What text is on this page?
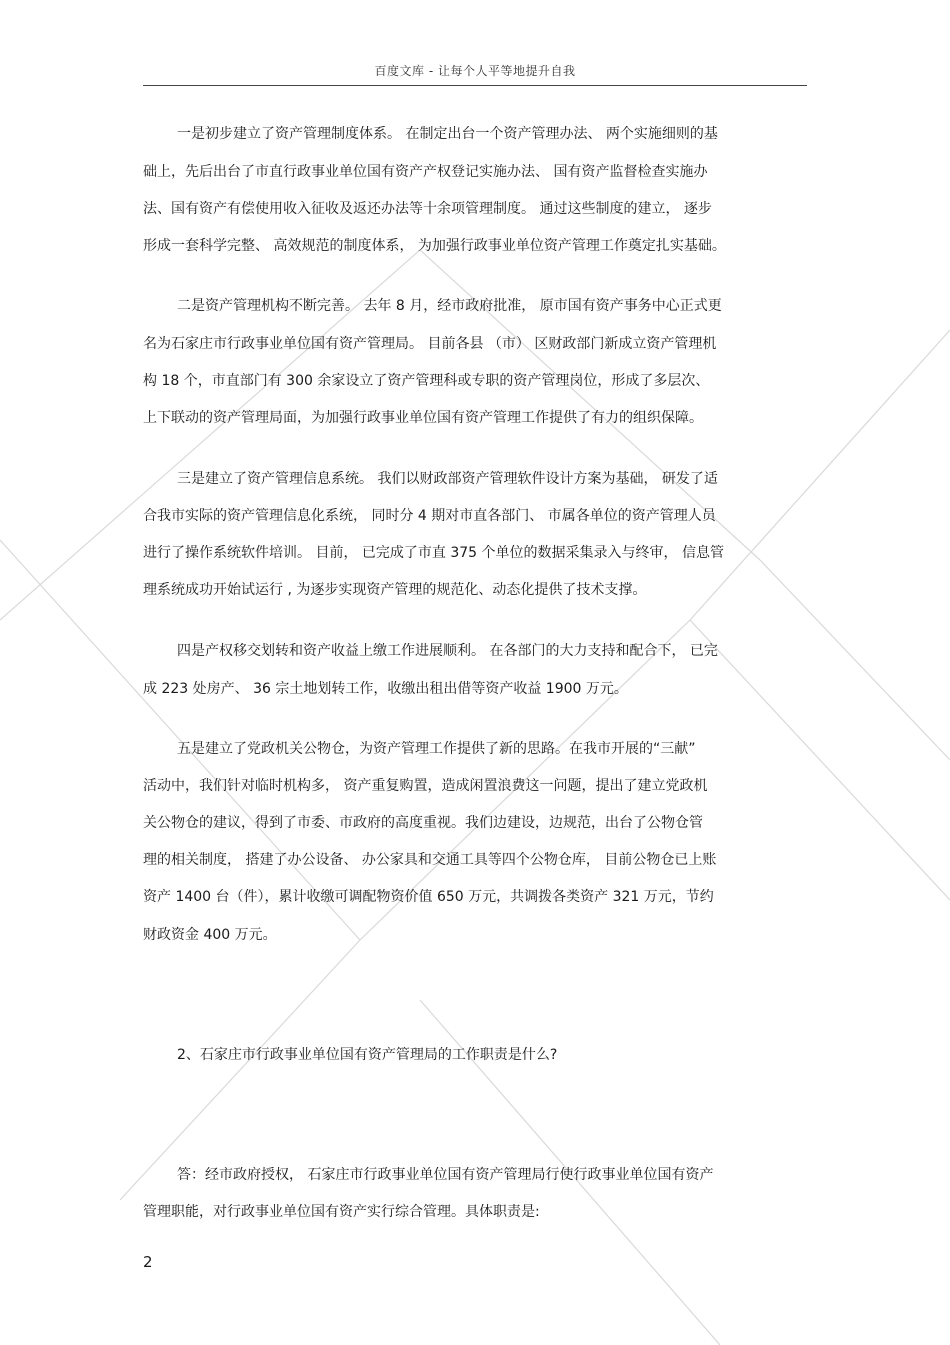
百度文库 - 让每个人平等地提升自我
一是初步建立了资产管理制度体系。 在制定出台一个资产管理办法、 两个实施细则的基
础上，先后出台了市直行政事业单位国有资产产权登记实施办法、 国有资产监督检查实施办
法、国有资产有偿使用收入征收及返还办法等十余项管理制度。 通过这些制度的建立， 逐步
形成一套科学完整、 高效规范的制度体系， 为加强行政事业单位资产管理工作奠定扎实基础。
二是资产管理机构不断完善。 去年 8 月，经市政府批准， 原市国有资产事务中心正式更
名为石家庄市行政事业单位国有资产管理局。 目前各县 （市） 区财政部门新成立资产管理机
构 18 个，市直部门有 300 余家设立了资产管理科或专职的资产管理岗位，形成了多层次、
上下联动的资产管理局面，为加强行政事业单位国有资产管理工作提供了有力的组织保障。
三是建立了资产管理信息系统。 我们以财政部资产管理软件设计方案为基础， 研发了适
合我市实际的资产管理信息化系统， 同时分 4 期对市直各部门、 市属各单位的资产管理人员
进行了操作系统软件培训。 目前， 已完成了市直 375 个单位的数据采集录入与终审， 信息管
理系统成功开始试运行 , 为逐步实现资产管理的规范化、动态化提供了技术支撑。
四是产权移交划转和资产收益上缴工作进展顺利。 在各部门的大力支持和配合下， 已完
成 223 处房产、 36 宗土地划转工作，收缴出租出借等资产收益 1900 万元。
五是建立了党政机关公物仓，为资产管理工作提供了新的思路。在我市开展的“三献”
活动中，我们针对临时机构多， 资产重复购置，造成闲置浪费这一问题，提出了建立党政机
关公物仓的建议，得到了市委、市政府的高度重视。我们边建设，边规范，出台了公物仓管
理的相关制度， 搭建了办公设备、 办公家具和交通工具等四个公物仓库， 目前公物仓已上账
资产 1400 台（件），累计收缴可调配物资价值 650 万元，共调拨各类资产 321 万元，节约
财政资金 400 万元。
2、石家庄市行政事业单位国有资产管理局的工作职责是什么?
答：经市政府授权， 石家庄市行政事业单位国有资产管理局行使行政事业单位国有资产
管理职能，对行政事业单位国有资产实行综合管理。具体职责是:
2
